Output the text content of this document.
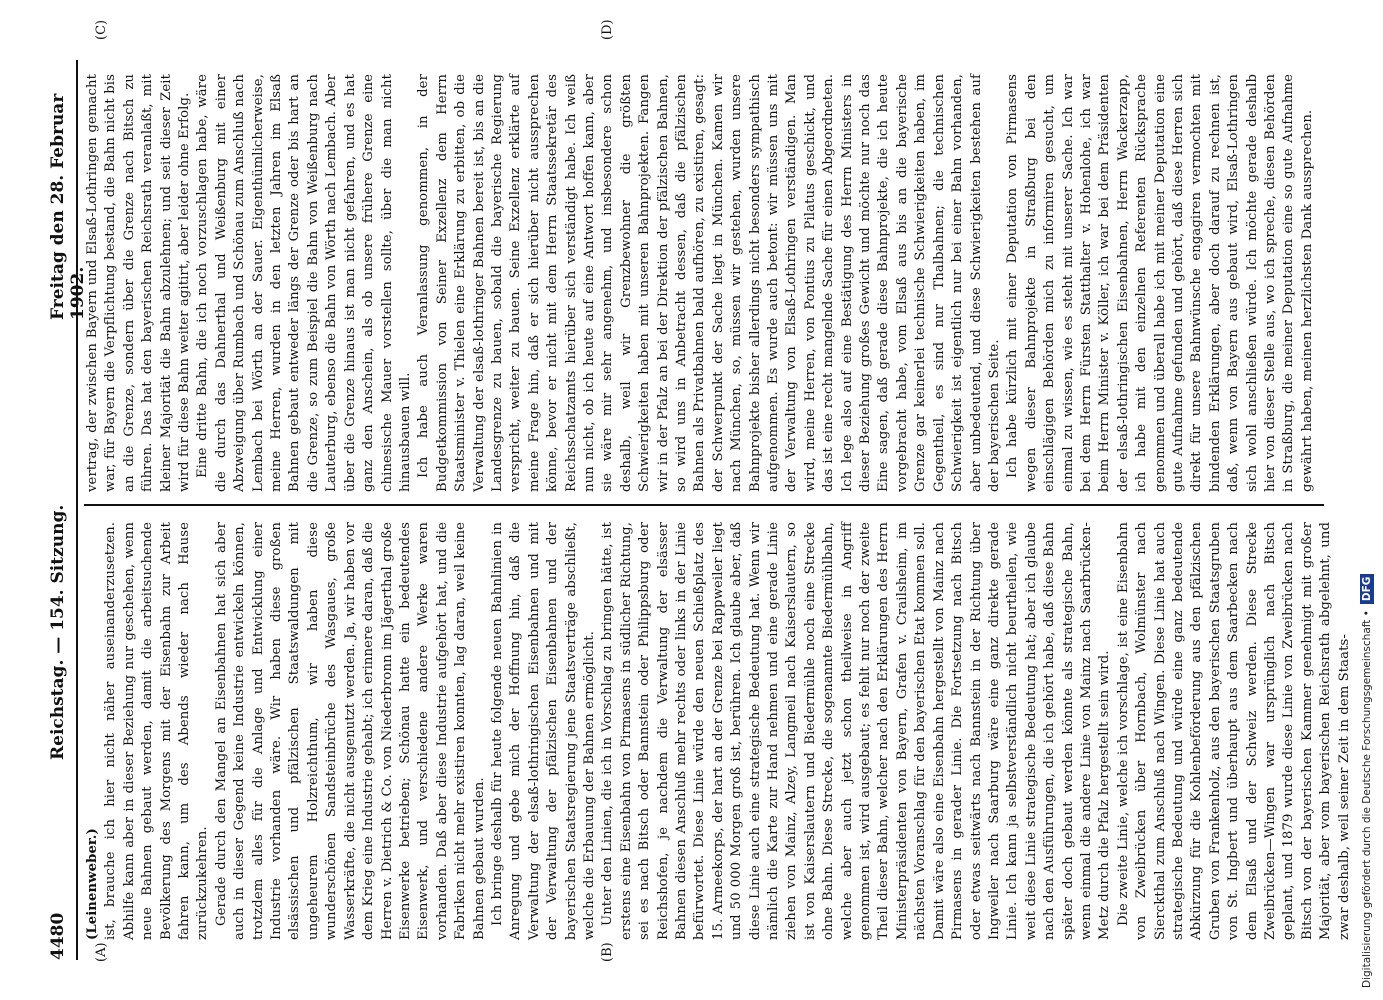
4480
Reichstag. — 154. Sitzung.
Freitag den 28. Februar 1902.
(A)	(B)
(C)	(D)

(Leinenweber.) ist, brauche ich hier nicht näher auseinanderzusetzen. Abhilfe kann aber in dieser Beziehung nur geschehen, wenn neue Bahnen gebaut werden, damit die arbeitsuchende Bevölkerung des Morgens mit der Eisenbahn zur Arbeit fahren kann, um des Abends wieder nach Hause zurückzukehren. Gerade durch den Mangel an Eisenbahnen hat sich aber auch in dieser Gegend keine Industrie entwickeln können, trotzdem alles für die Anlage und Entwicklung einer Industrie vorhanden wäre. Wir haben diese großen elsässischen und pfälzischen Staatswaldungen mit ungeheurem Holzreichthum, wir haben diese wunderschönen Sandsteinbrüche des Wasgaues, große Wasserkräfte, die nicht ausgenutzt werden. Ja, wir haben vor dem Krieg eine Industrie gehabt; ich erinnere daran, daß die Herren v. Dietrich & Co. von Niederbronn im Jägerthal große Eisenwerke betrieben; Schönau hatte ein bedeutendes Eisenwerk, und verschiedene andere Werke waren vorhanden. Daß aber diese Industrie aufgehört hat, und die Fabriken nicht mehr existiren konnten, lag daran, weil keine Bahnen gebaut wurden. Ich bringe deshalb für heute folgende neuen Bahnlinien in Anregung und gebe mich der Hoffnung hin, daß die Verwaltung der elsaß-lothringischen Eisenbahnen und mit der Verwaltung der pfälzischen Eisenbahnen und der bayerischen Staatsregierung jene Staatsverträge abschließt, welche die Erbauung der Bahnen ermöglicht. Unter den Linien, die ich in Vorschlag zu bringen hätte, ist erstens eine Eisenbahn von Pirmasens in südlicher Richtung, sei es nach Bitsch oder Bannstein oder Philippsburg oder Reichshofen, je nachdem die Verwaltung der elsässer Bahnen diesen Anschluß mehr rechts oder links in der Linie befürwortet. Diese Linie würde den neuen Schießplatz des 15. Armeekorps, der hart an der Grenze bei Rappweiler liegt und 50 000 Morgen groß ist, berühren. Ich glaube aber, daß diese Linie auch eine strategische Bedeutung hat. Wenn wir nämlich die Karte zur Hand nehmen und eine gerade Linie ziehen von Mainz, Alzey, Langmeil nach Kaiserslautern, so ist von Kaiserslautern und Biedermühle noch eine Strecke ohne Bahn. Diese Strecke, die sogenannte Biedermühlbahn, welche aber auch jetzt schon theilweise in Angriff genommen ist, wird ausgebaut; es fehlt nur noch der zweite Theil dieser Bahn, welcher nach den Erklärungen des Herrn Ministerpräsidenten von Bayern, Grafen v. Crailsheim, im nächsten Voranschlag für den bayerischen Etat kommen soll. Damit wäre also eine Eisenbahn hergestellt von Mainz nach Pirmasens in gerader Linie. Die Fortsetzung nach Bitsch oder etwas seitwärts nach Bannstein in der Richtung über Ingweiler nach Saarburg wäre eine ganz direkte gerade Linie. Ich kann ja selbstverständlich nicht beurtheilen, wie weit diese Linie strategische Bedeutung hat; aber ich glaube nach den Ausführungen, die ich gehört habe, daß diese Bahn später doch gebaut werden könnte als strategische Bahn, wenn einmal die andere Linie von Mainz nach Saarbrücken-Metz durch die Pfalz hergestellt sein wird. Die zweite Linie, welche ich vorschlage, ist eine Eisenbahn von Zweibrücken über Hornbach, Wolmünster nach Sierckthal zum Anschluß nach Wingen. Diese Linie hat auch strategische Bedeutung und würde eine ganz bedeutende Abkürzung für die Kohlenbeförderung aus den pfälzischen Gruben von Frankenholz, aus den bayerischen Staatsgruben von St. Ingbert und überhaupt aus dem Saarbecken nach dem Elsaß und der Schweiz werden. Diese Strecke Zweibrücken—Wingen war ursprünglich nach Bitsch geplant, und 1879 wurde diese Linie von Zweibrücken nach Bitsch von der bayerischen Kammer genehmigt mit großer Majorität, aber vom bayerischen Reichsrath abgelehnt, und zwar deshalb, weil seiner Zeit in dem Staats-

vertrag, der zwischen Bayern und Elsaß-Lothringen gemacht war, für Bayern die Verpflichtung bestand, die Bahn nicht bis an die Grenze, sondern über die Grenze nach Bitsch zu führen. Das hat den bayerischen Reichsrath veranlaßt, mit kleiner Majorität die Bahn abzulehnen; und seit dieser Zeit wird für diese Bahn weiter agitirt, aber leider ohne Erfolg. Eine dritte Bahn, die ich noch vorzuschlagen habe, wäre die durch das Dahnerthal und Weißenburg mit einer Abzweigung über Rumbach und Schönau zum Anschluß nach Lembach bei Wörth an der Sauer. Eigenthümlicherweise, meine Herren, wurden in den letzten Jahren im Elsaß Bahnen gebaut entweder längs der Grenze oder bis hart an die Grenze, so zum Beispiel die Bahn von Weißenburg nach Lauterburg, ebenso die Bahn von Wörth nach Lembach. Aber über die Grenze hinaus ist man nicht gefahren, und es hat ganz den Anschein, als ob unsere frühere Grenze eine chinesische Mauer vorstellen sollte, über die man nicht hinausbauen will. Ich habe auch Veranlassung genommen, in der Budgetkommission von Seiner Exzellenz dem Herrn Staatsminister v. Thielen eine Erklärung zu erbitten, ob die Verwaltung der elsaß-lothringer Bahnen bereit ist, bis an die Landesgrenze zu bauen, sobald die bayerische Regierung verspricht, weiter zu bauen. Seine Exzellenz erklärte auf meine Frage hin, daß er sich hierüber nicht aussprechen könne, bevor er nicht mit dem Herrn Staatssekretär des Reichsschatzamts hierüber sich verständigt habe. Ich weiß nun nicht, ob ich heute auf eine Antwort hoffen kann, aber sie wäre mir sehr angenehm, und insbesondere schon deshalb, weil wir Grenzbewohner die größten Schwierigkeiten haben mit unseren Bahnprojekten. Fangen wir in der Pfalz an bei der Direktion der pfälzischen Bahnen, so wird uns in Anbetracht dessen, daß die pfälzischen Bahnen als Privatbahnen bald aufhören, zu existiren, gesagt: der Schwerpunkt der Sache liegt in München. Kamen wir nach München, so, müssen wir gestehen, wurden unsere Bahnprojekte bisher allerdings nicht besonders sympathisch aufgenommen. Es wurde auch betont: wir müssen uns mit der Verwaltung von Elsaß-Lothringen verständigen. Man wird, meine Herren, von Pontius zu Pilatus geschickt, und das ist eine recht mangelnde Sache für einen Abgeordneten. Ich lege also auf eine Bestätigung des Herrn Ministers in dieser Beziehung großes Gewicht und möchte nur noch das Eine sagen, daß gerade diese Bahnprojekte, die ich heute vorgebracht habe, vom Elsaß aus bis an die bayerische Grenze gar keinerlei technische Schwierigkeiten haben, im Gegentheil, es sind nur Thalbahnen; die technischen Schwierigkeit ist eigentlich nur bei einer Bahn vorhanden, aber unbedeutend, und diese Schwierigkeiten bestehen auf der bayerischen Seite. Ich habe kürzlich mit einer Deputation von Pirmasens wegen dieser Bahnprojekte in Straßburg bei den einschlägigen Behörden mich zu informiren gesucht, um einmal zu wissen, wie es steht mit unserer Sache. Ich war bei dem Herrn Fürsten Statthalter v. Hohenlohe, ich war beim Herrn Minister v. Köller, ich war bei dem Präsidenten der elsaß-lothringischen Eisenbahnen, Herrn Wackerzapp, ich habe mit den einzelnen Referenten Rücksprache genommen und überall habe ich mit meiner Deputation eine gute Aufnahme gefunden und gehört, daß diese Herren sich direkt für unsere Bahnwünsche engagiren vermochten mit bindenden Erklärungen, aber doch darauf zu rechnen ist, daß, wenn von Bayern aus gebaut wird, Elsaß-Lothringen sich wohl anschließen würde. Ich möchte gerade deshalb hier von dieser Stelle aus, wo ich spreche, diesen Behörden in Straßburg, die meiner Deputation eine so gute Aufnahme gewährt haben, meinen herzlichsten Dank aussprechen.

Digitalisierung gefördert durch die Deutsche Forschungsgemeinschaft •DFG
